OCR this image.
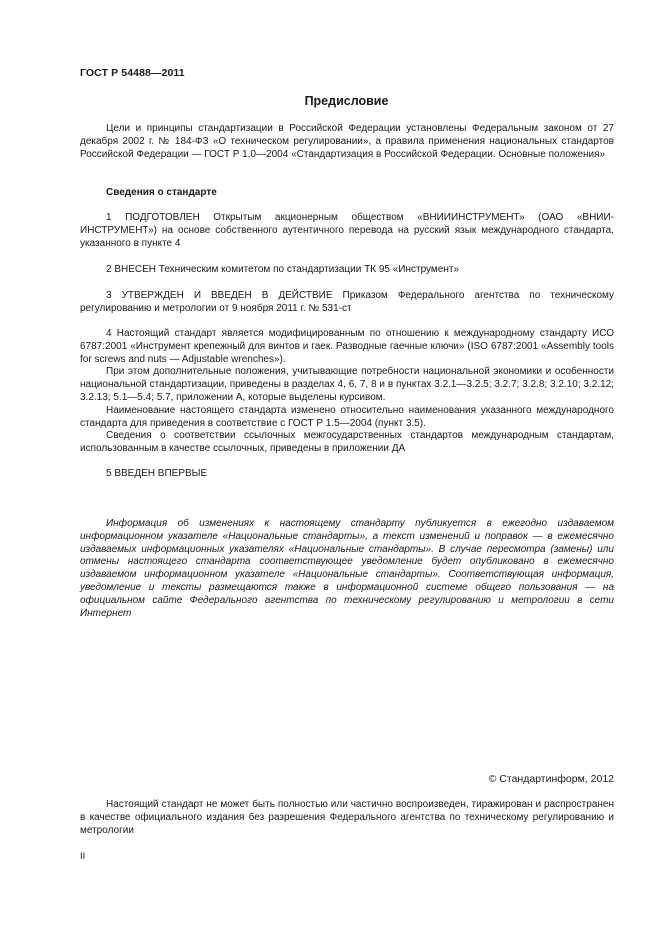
ГОСТ Р 54488—2011
Предисловие

Цели и принципы стандартизации в Российской Федерации установлены Федеральным законом от 27 декабря 2002 г. № 184-ФЗ «О техническом регулировании», а правила применения национальных стандартов Российской Федерации — ГОСТ Р 1.0—2004 «Стандартизация в Российской Федерации. Основные положения»

Сведения о стандарте

1 ПОДГОТОВЛЕН Открытым акционерным обществом «ВНИИИНСТРУМЕНТ» (ОАО «ВНИИ-ИНСТРУМЕНТ») на основе собственного аутентичного перевода на русский язык международного стандарта, указанного в пункте 4

2 ВНЕСЕН Техническим комитетом по стандартизации ТК 95 «Инструмент»

3 УТВЕРЖДЕН И ВВЕДЕН В ДЕЙСТВИЕ Приказом Федерального агентства по техническому регулированию и метрологии от 9 ноября 2011 г. № 531-ст

4 Настоящий стандарт является модифицированным по отношению к международному стандарту ИСО 6787:2001 «Инструмент крепежный для винтов и гаек. Разводные гаечные ключи» (ISO 6787:2001 «Assembly tools for screws and nuts — Adjustable wrenches»).

При этом дополнительные положения, учитывающие потребности национальной экономики и особенности национальной стандартизации, приведены в разделах 4, 6, 7, 8 и в пунктах 3.2.1—3.2.5; 3.2.7; 3.2.8; 3.2.10; 3.2.12; 3.2.13; 5.1—5.4; 5.7, приложении А, которые выделены курсивом.

Наименование настоящего стандарта изменено относительно наименования указанного международного стандарта для приведения в соответствие с ГОСТ Р 1.5—2004 (пункт 3.5).

Сведения о соответствии ссылочных межгосударственных стандартов международным стандартам, использованным в качестве ссылочных, приведены в приложении ДА

5 ВВЕДЕН ВПЕРВЫЕ

Информация об изменениях к настоящему стандарту публикуется в ежегодно издаваемом информационном указателе «Национальные стандарты», а текст изменений и поправок — в ежемесячно издаваемых информационных указателях «Национальные стандарты». В случае пересмотра (замены) или отмены настоящего стандарта соответствующее уведомление будет опубликовано в ежемесячно издаваемом информационном указателе «Национальные стандарты». Соответствующая информация, уведомление и тексты размещаются также в информационной системе общего пользования — на официальном сайте Федерального агентства по техническому регулированию и метрологии в сети Интернет

© Стандартинформ, 2012

Настоящий стандарт не может быть полностью или частично воспроизведен, тиражирован и распространен в качестве официального издания без разрешения Федерального агентства по техническому регулированию и метрологии

II
